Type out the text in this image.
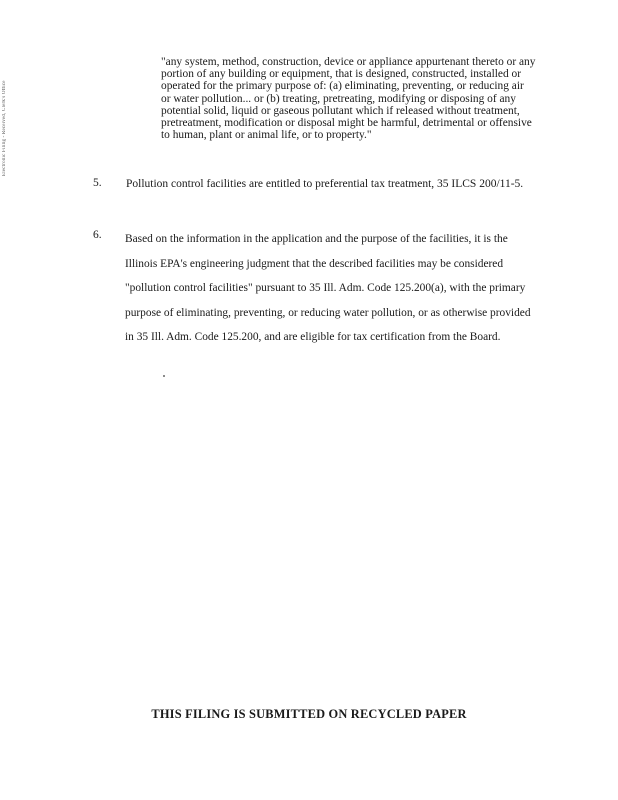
Electronic Filing - Received, Clerk's Office
"any system, method, construction, device or appliance appurtenant thereto or any portion of any building or equipment, that is designed, constructed, installed or operated for the primary purpose of: (a) eliminating, preventing, or reducing air or water pollution... or (b) treating, pretreating, modifying or disposing of any potential solid, liquid or gaseous pollutant which if released without treatment, pretreatment, modification or disposal might be harmful, detrimental or offensive to human, plant or animal life, or to property."
5. Pollution control facilities are entitled to preferential tax treatment, 35 ILCS 200/11-5.
6. Based on the information in the application and the purpose of the facilities, it is the Illinois EPA's engineering judgment that the described facilities may be considered "pollution control facilities" pursuant to 35 Ill. Adm. Code 125.200(a), with the primary purpose of eliminating, preventing, or reducing water pollution, or as otherwise provided in 35 Ill. Adm. Code 125.200, and are eligible for tax certification from the Board.
THIS FILING IS SUBMITTED ON RECYCLED PAPER
